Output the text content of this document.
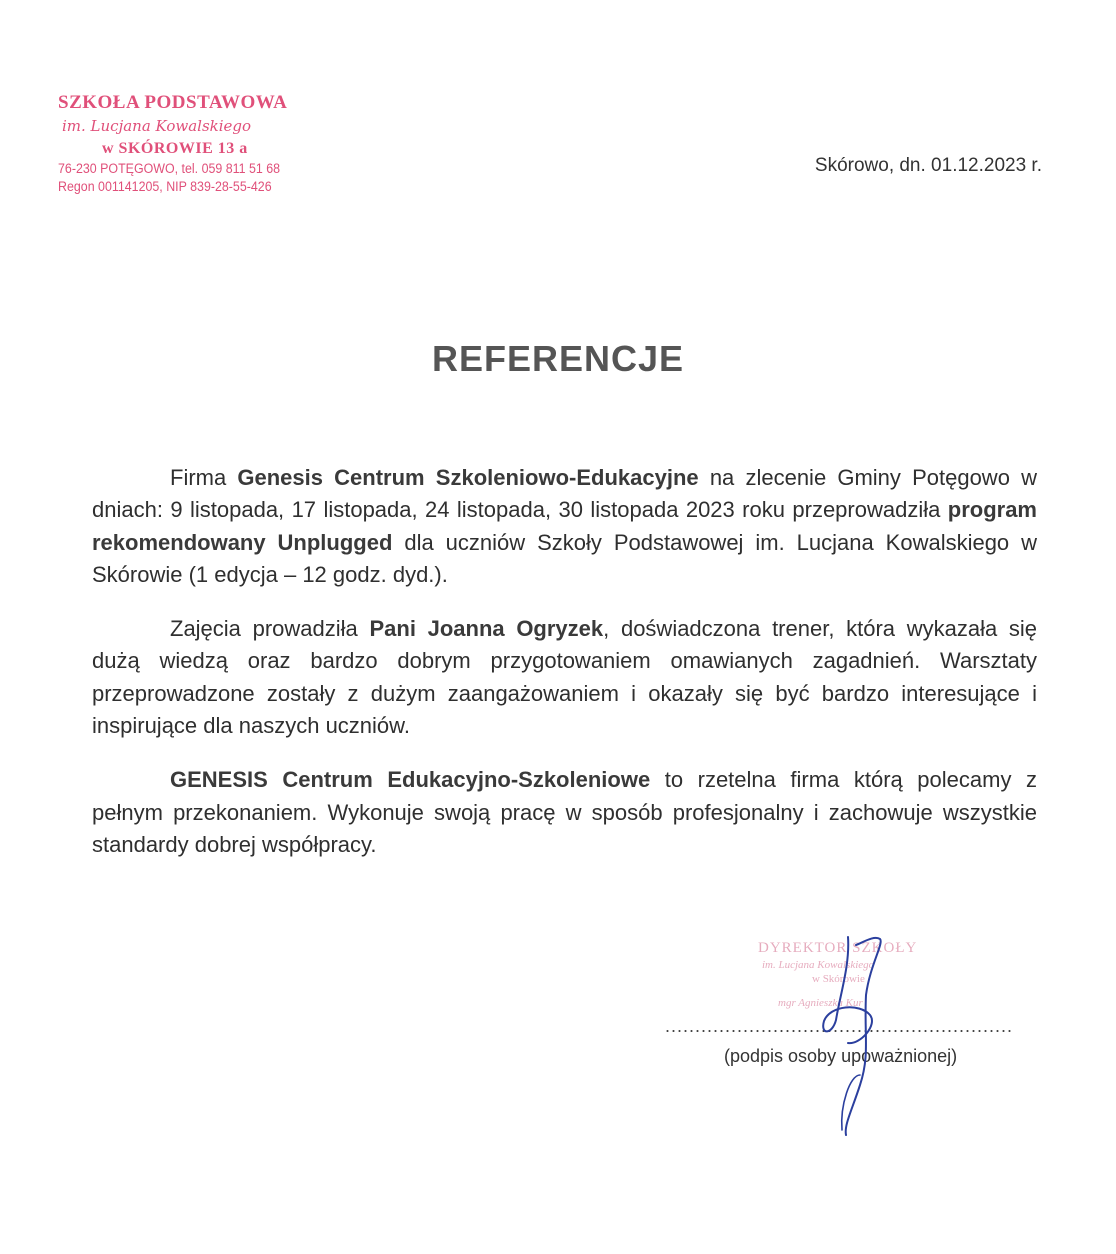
SZKOŁA PODSTAWOWA
im. Lucjana Kowalskiego
w SKÓROWIE 13 a
76-230 POTĘGOWO, tel. 059 811 51 68
Regon 001141205, NIP 839-28-55-426
Skórowo, dn. 01.12.2023 r.
REFERENCJE

Firma Genesis Centrum Szkoleniowo-Edukacyjne na zlecenie Gminy Potęgowo w dniach: 9 listopada, 17 listopada, 24 listopada, 30 listopada 2023 roku przeprowadziła program rekomendowany Unplugged dla uczniów Szkoły Podstawowej im. Lucjana Kowalskiego w Skórowie (1 edycja – 12 godz. dyd.).

Zajęcia prowadziła Pani Joanna Ogryzek, doświadczona trener, która wykazała się dużą wiedzą oraz bardzo dobrym przygotowaniem omawianych zagadnień. Warsztaty przeprowadzone zostały z dużym zaangażowaniem i okazały się być bardzo interesujące i inspirujące dla naszych uczniów.

GENESIS Centrum Edukacyjno-Szkoleniowe to rzetelna firma którą polecamy z pełnym przekonaniem. Wykonuje swoją pracę w sposób profesjonalny i zachowuje wszystkie standardy dobrej współpracy.

DYREKTOR SZKOŁY
im. Lucjana Kowalskiego
w Skórowie
mgr Agnieszka Kur
..........................................................
(podpis osoby upoważnionej)
